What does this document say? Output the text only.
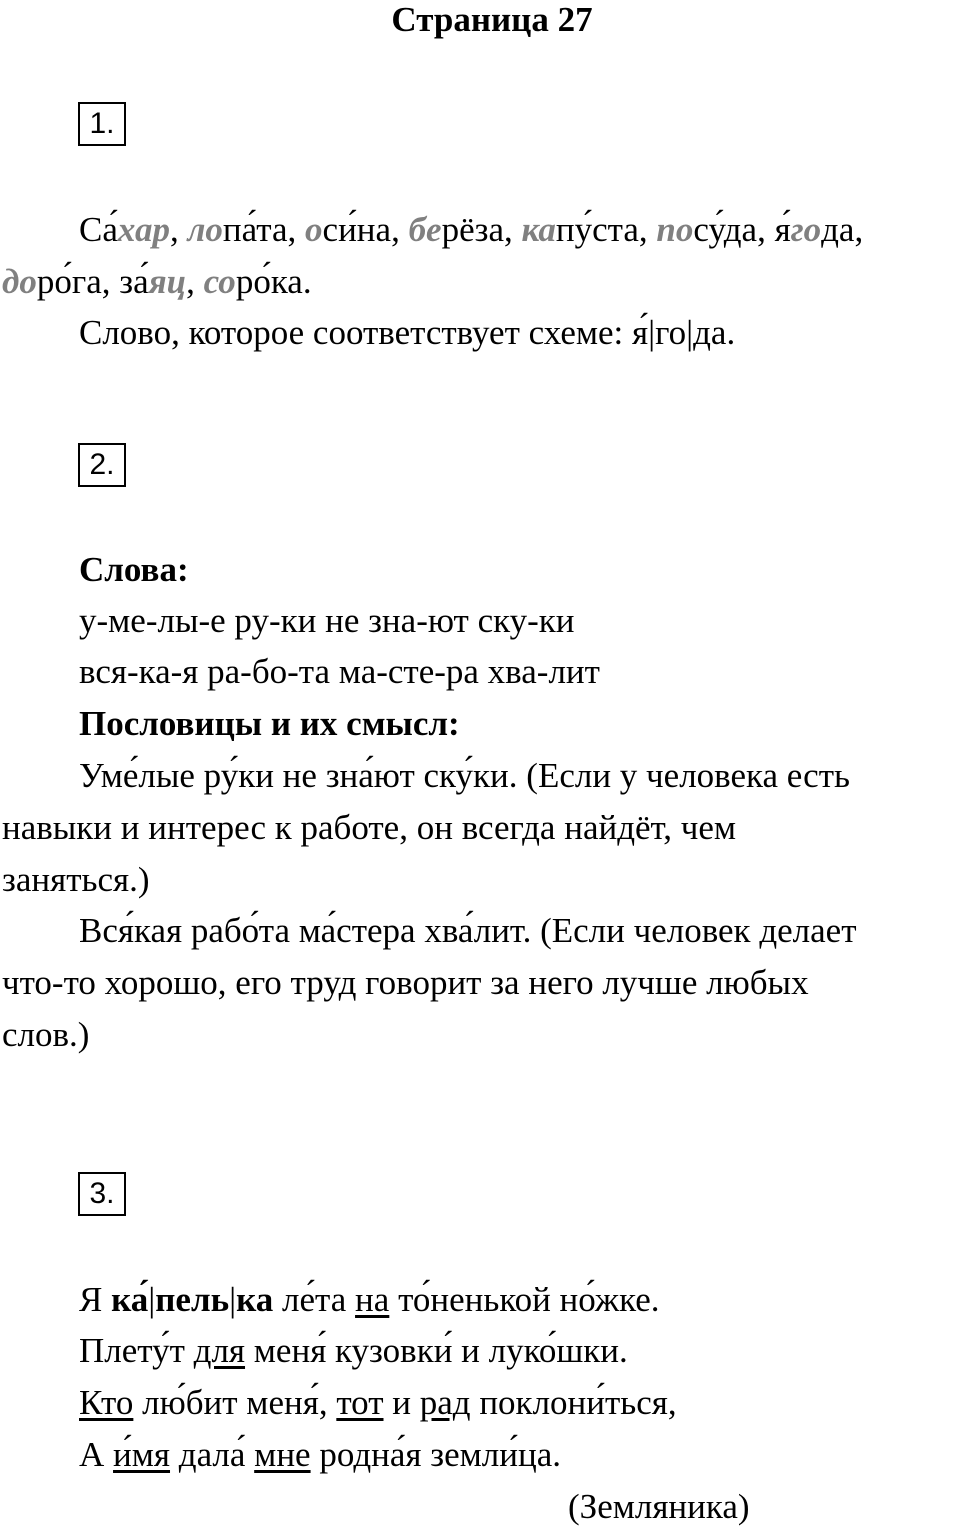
Страница 27
1.
Са́хар, лопа́та, оси́на, берёза, капу́ста, посу́да, я́года,
доро́га, за́яц, соро́ка.
Слово, которое соответствует схеме: я́|го|да.
2.
Слова:
у-ме-лы-е ру-ки не зна-ют ску-ки
вся-ка-я ра-бо-та ма-сте-ра хва-лит
Пословицы и их смысл:
Уме́лые ру́ки не зна́ют ску́ки. (Если у человека есть
навыки и интерес к работе, он всегда найдёт, чем
заняться.)
Вся́кая рабо́та ма́стера хва́лит. (Если человек делает
что-то хорошо, его труд говорит за него лучше любых
слов.)
3.
Я ка́|пель|ка ле́та на то́ненькой но́жке.
Плету́т для меня́ кузовки́ и луко́шки.
Кто лю́бит меня́, тот и рад поклони́ться,
А и́мя дала́ мне родна́я земли́ца.
(Земляника)
